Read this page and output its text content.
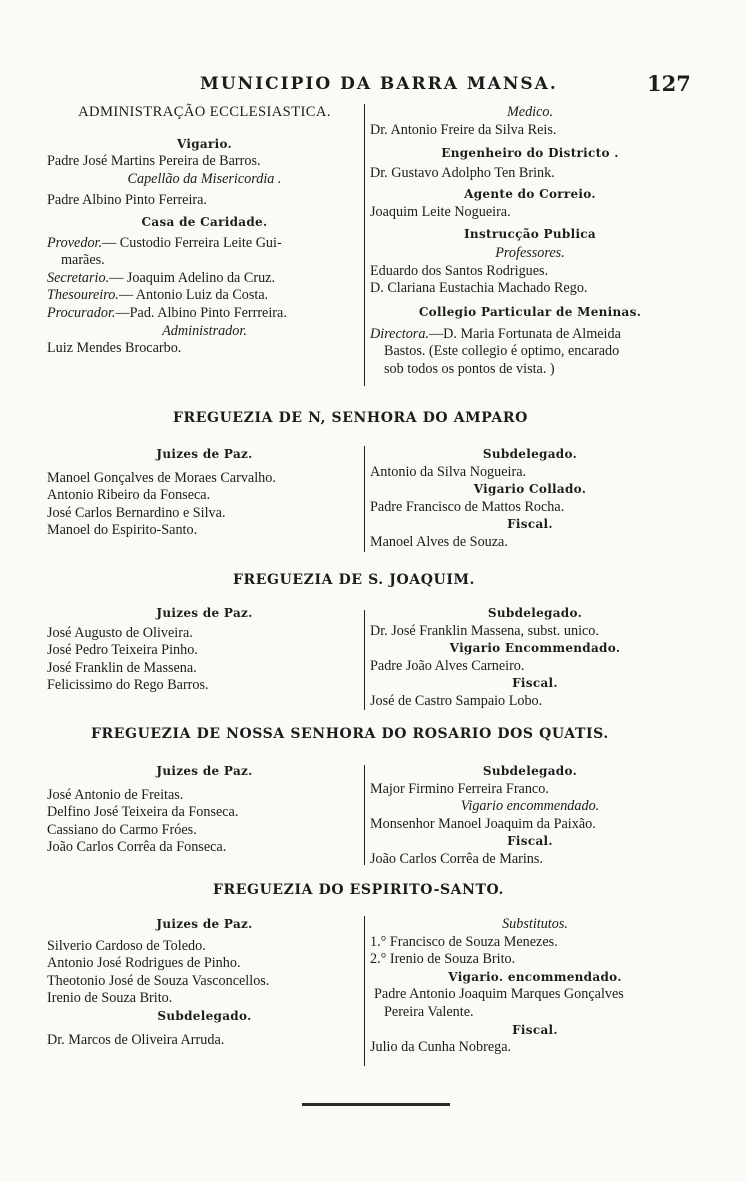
MUNICIPIO DA BARRA MANSA.	127
ADMINISTRAÇÃO ECCLESIASTICA.
Vigario.
Padre José Martins Pereira de Barros.
Capellão da Misericordia .
Padre Albino Pinto Ferreira.
Casa de Caridade.
Provedor.— Custodio Ferreira Leite Gui-
marães.
Secretario.— Joaquim Adelino da Cruz.
Thesoureiro.— Antonio Luiz da Costa.
Procurador.—Pad. Albino Pinto Ferrreira.
Administrador.
Luiz Mendes Brocarbo.
Medico.
Dr. Antonio Freire da Silva Reis.
Engenheiro do Districto .
Dr. Gustavo Adolpho Ten Brink.
Agente do Correio.
Joaquim Leite Nogueira.
Instrucção Publica
Professores.
Eduardo dos Santos Rodrigues.
D. Clariana Eustachia Machado Rego.
Collegio Particular de Meninas.
Directora.—D. Maria Fortunata de Almeida
Bastos. (Este collegio é optimo, encarado
sob todos os pontos de vista. )
FREGUEZIA DE N, SENHORA DO AMPARO
Juizes de Paz.
Manoel Gonçalves de Moraes Carvalho.
Antonio Ribeiro da Fonseca.
José Carlos Bernardino e Silva.
Manoel do Espirito-Santo.
Subdelegado.
Antonio da Silva Nogueira.
Vigario Collado.
Padre Francisco de Mattos Rocha.
Fiscal.
Manoel Alves de Souza.
FREGUEZIA DE S. JOAQUIM.
Juizes de Paz.
José Augusto de Oliveira.
José Pedro Teixeira Pinho.
José Franklin de Massena.
Felicissimo do Rego Barros.
Subdelegado.
Dr. José Franklin Massena, subst. unico.
Vigario Encommendado.
Padre João Alves Carneiro.
Fiscal.
José de Castro Sampaio Lobo.
FREGUEZIA DE NOSSA SENHORA DO ROSARIO DOS QUATIS.
Juizes de Paz.
José Antonio de Freitas.
Delfino José Teixeira da Fonseca.
Cassiano do Carmo Fróes.
João Carlos Corrêa da Fonseca.
Subdelegado.
Major Firmino Ferreira Franco.
Vigario encommendado.
Monsenhor Manoel Joaquim da Paixão.
Fiscal.
João Carlos Corrêa de Marins.
FREGUEZIA DO ESPIRITO-SANTO.
Juizes de Paz.
Silverio Cardoso de Toledo.
Antonio José Rodrigues de Pinho.
Theotonio José de Souza Vasconcellos.
Irenio de Souza Brito.
Subdelegado.
Dr. Marcos de Oliveira Arruda.
Substitutos.
1.° Francisco de Souza Menezes.
2.° Irenio de Souza Brito.
Vigario. encommendado.
Padre Antonio Joaquim Marques Gonçalves
Pereira Valente.
Fiscal.
Julio da Cunha Nobrega.
